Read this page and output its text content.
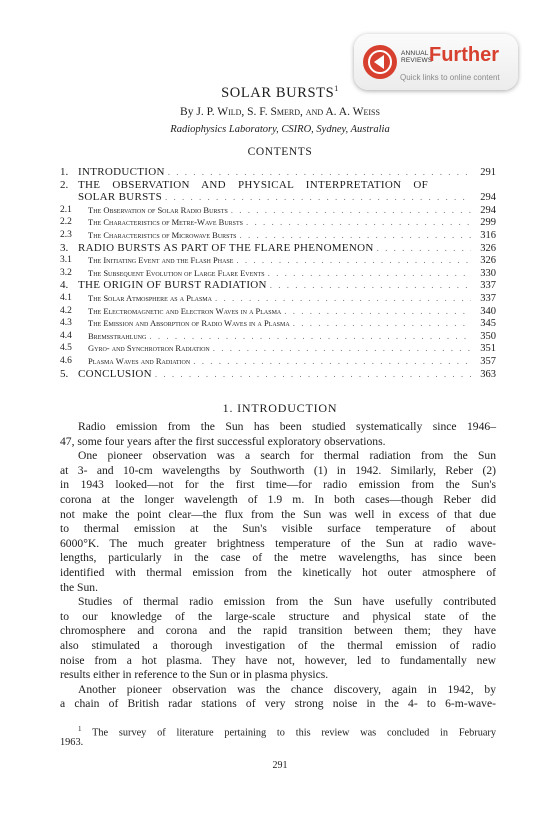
ANNUAL
REVIEWS
Further
Quick links to online content
SOLAR BURSTS$^1$
By J. P. Wild, S. F. Smerd, and A. A. Weiss
Radiophysics Laboratory, CSIRO, Sydney, Australia
CONTENTS
1. INTRODUCTION . . .	291
2. THE OBSERVATION AND PHYSICAL INTERPRETATION OF
SOLAR BURSTS . . .	294
2.1	The Observation of Solar Radio Bursts . . .	294
2.2	The Characteristics of Metre-Wave Bursts . . .	299
2.3	The Characteristics of Microwave Bursts . . .	316
3. RADIO BURSTS AS PART OF THE FLARE PHENOMENON . . .	326
3.1	The Initiating Event and the Flash Phase . . .	326
3.2	The Subsequent Evolution of Large Flare Events . . .	330
4. THE ORIGIN OF BURST RADIATION . . .	337
4.1	The Solar Atmosphere as a Plasma . . .	337
4.2	The Electromagnetic and Electron Waves in a Plasma . . .	340
4.3	The Emission and Absorption of Radio Waves in a Plasma . . .	345
4.4	Bremsstrahlung . . .	350
4.5	Gyro- and Synchrotron Radiation . . .	351
4.6	Plasma Waves and Radiation . . .	357
5. CONCLUSION . . .	363
1. INTRODUCTION
Radio emission from the Sun has been studied systematically since 1946–
47, some four years after the first successful exploratory observations.
One pioneer observation was a search for thermal radiation from the Sun
at 3- and 10-cm wavelengths by Southworth (1) in 1942. Similarly, Reber (2)
in 1943 looked—not for the first time—for radio emission from the Sun's
corona at the longer wavelength of 1.9 m. In both cases—though Reber did
not make the point clear—the flux from the Sun was well in excess of that due
to thermal emission at the Sun's visible surface temperature of about
6000°K. The much greater brightness temperature of the Sun at radio wave-
lengths, particularly in the case of the metre wavelengths, has since been
identified with thermal emission from the kinetically hot outer atmosphere of
the Sun.
Studies of thermal radio emission from the Sun have usefully contributed
to our knowledge of the large-scale structure and physical state of the
chromosphere and corona and the rapid transition between them; they have
also stimulated a thorough investigation of the thermal emission of radio
noise from a hot plasma. They have not, however, led to fundamentally new
results either in reference to the Sun or in plasma physics.
Another pioneer observation was the chance discovery, again in 1942, by
a chain of British radar stations of very strong noise in the 4- to 6-m-wave-
$^1$ The survey of literature pertaining to this review was concluded in February
1963.
291
